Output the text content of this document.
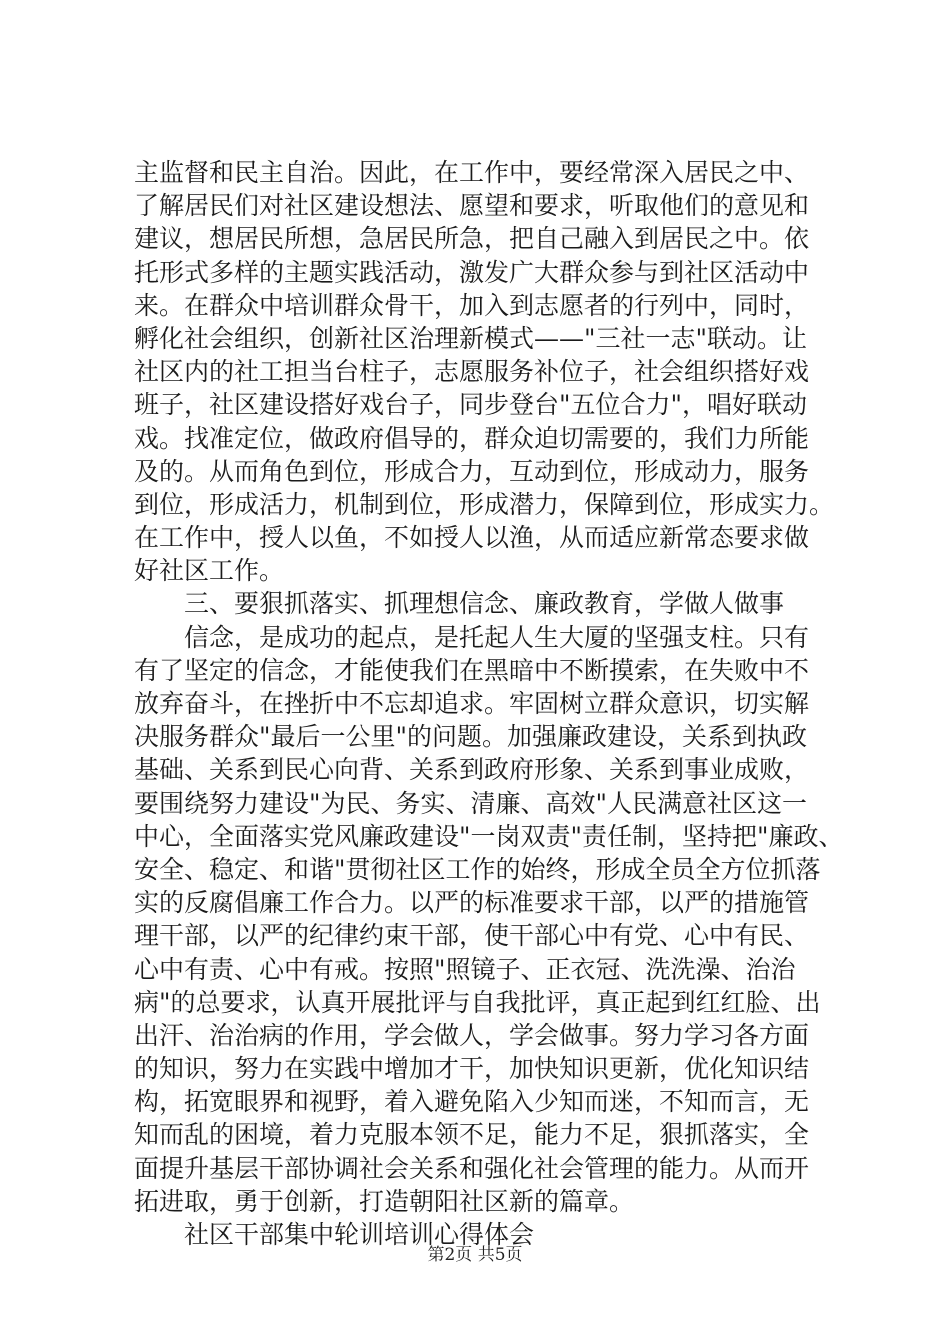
主监督和民主自治。因此，在工作中，要经常深入居民之中、
了解居民们对社区建设想法、愿望和要求，听取他们的意见和
建议，想居民所想，急居民所急，把自己融入到居民之中。依
托形式多样的主题实践活动，激发广大群众参与到社区活动中
来。在群众中培训群众骨干，加入到志愿者的行列中，同时，
孵化社会组织，创新社区治理新模式——"三社一志"联动。让
社区内的社工担当台柱子，志愿服务补位子，社会组织搭好戏
班子，社区建设搭好戏台子，同步登台"五位合力"，唱好联动
戏。找准定位，做政府倡导的，群众迫切需要的，我们力所能
及的。从而角色到位，形成合力，互动到位，形成动力，服务
到位，形成活力，机制到位，形成潜力，保障到位，形成实力。
在工作中，授人以鱼，不如授人以渔，从而适应新常态要求做
好社区工作。
　　三、要狠抓落实、抓理想信念、廉政教育，学做人做事
　　信念，是成功的起点，是托起人生大厦的坚强支柱。只有
有了坚定的信念，才能使我们在黑暗中不断摸索，在失败中不
放弃奋斗，在挫折中不忘却追求。牢固树立群众意识，切实解
决服务群众"最后一公里"的问题。加强廉政建设，关系到执政
基础、关系到民心向背、关系到政府形象、关系到事业成败，
要围绕努力建设"为民、务实、清廉、高效"人民满意社区这一
中心，全面落实党风廉政建设"一岗双责"责任制，坚持把"廉政、
安全、稳定、和谐"贯彻社区工作的始终，形成全员全方位抓落
实的反腐倡廉工作合力。以严的标准要求干部，以严的措施管
理干部，以严的纪律约束干部，使干部心中有党、心中有民、
心中有责、心中有戒。按照"照镜子、正衣冠、洗洗澡、治治
病"的总要求，认真开展批评与自我批评，真正起到红红脸、出
出汗、治治病的作用，学会做人，学会做事。努力学习各方面
的知识，努力在实践中增加才干，加快知识更新，优化知识结
构，拓宽眼界和视野，着入避免陷入少知而迷，不知而言，无
知而乱的困境，着力克服本领不足，能力不足，狠抓落实，全
面提升基层干部协调社会关系和强化社会管理的能力。从而开
拓进取，勇于创新，打造朝阳社区新的篇章。
　　社区干部集中轮训培训心得体会
第2页 共5页
